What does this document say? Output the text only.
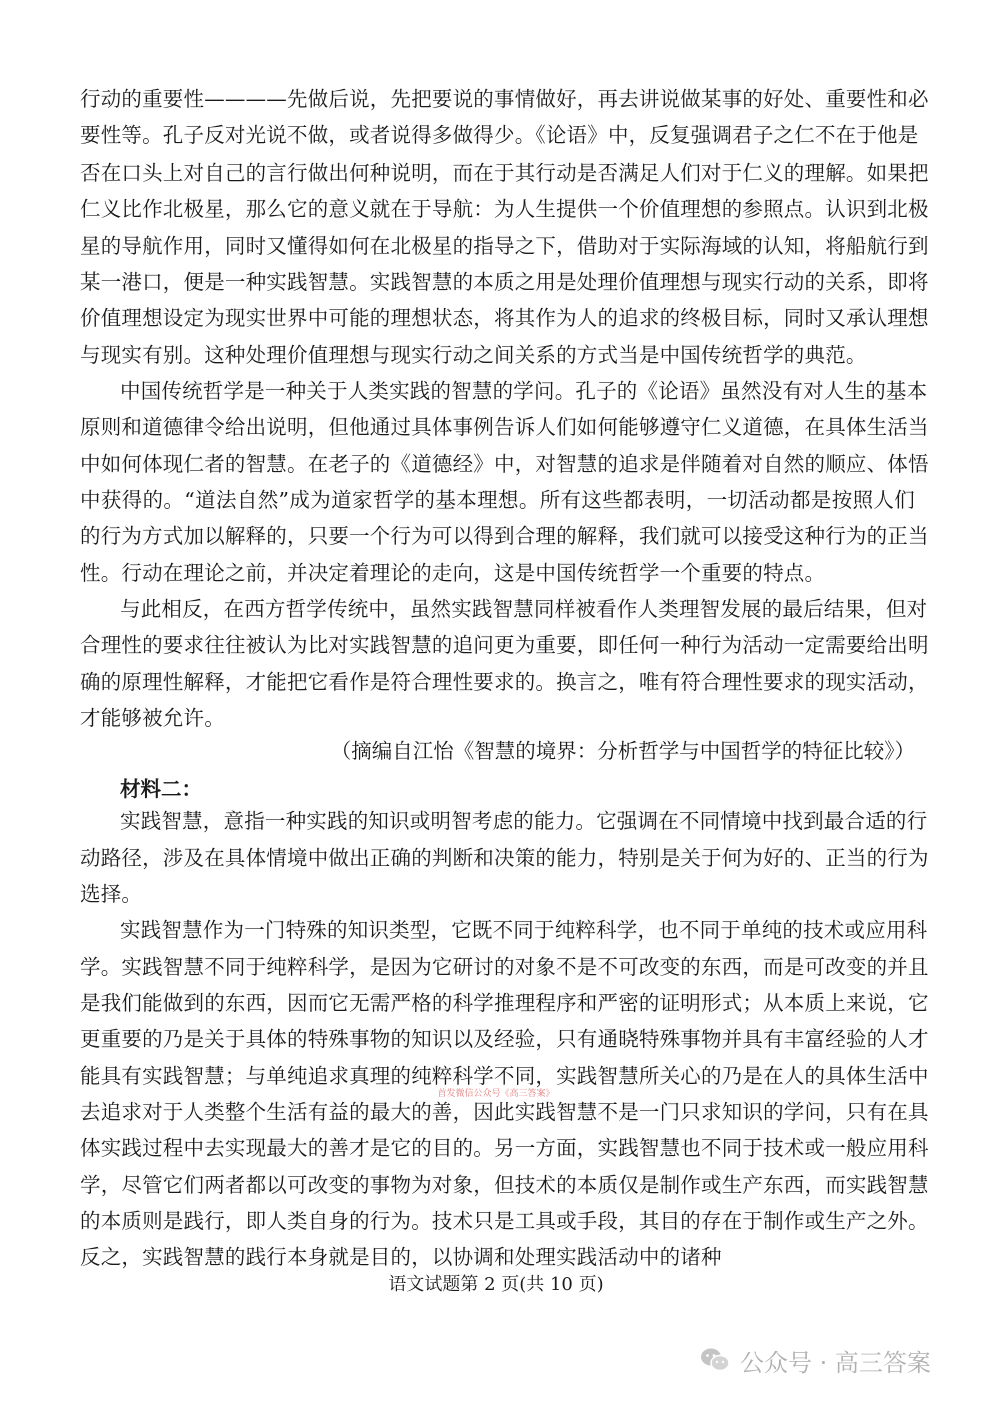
行动的重要性————先做后说，先把要说的事情做好，再去讲说做某事的好处、重要性和必
要性等。孔子反对光说不做，或者说得多做得少。《论语》中，反复强调君子之仁不在于他是
否在口头上对自己的言行做出何种说明，而在于其行动是否满足人们对于仁义的理解。如果把
仁义比作北极星，那么它的意义就在于导航：为人生提供一个价值理想的参照点。认识到北极
星的导航作用，同时又懂得如何在北极星的指导之下，借助对于实际海域的认知，将船航行到
某一港口，便是一种实践智慧。实践智慧的本质之用是处理价值理想与现实行动的关系，即将
价值理想设定为现实世界中可能的理想状态，将其作为人的追求的终极目标，同时又承认理想
与现实有别。这种处理价值理想与现实行动之间关系的方式当是中国传统哲学的典范。
中国传统哲学是一种关于人类实践的智慧的学问。孔子的《论语》虽然没有对人生的基本
原则和道德律令给出说明，但他通过具体事例告诉人们如何能够遵守仁义道德，在具体生活当
中如何体现仁者的智慧。在老子的《道德经》中，对智慧的追求是伴随着对自然的顺应、体悟
中获得的。“道法自然”成为道家哲学的基本理想。所有这些都表明，一切活动都是按照人们
的行为方式加以解释的，只要一个行为可以得到合理的解释，我们就可以接受这种行为的正当
性。行动在理论之前，并决定着理论的走向，这是中国传统哲学一个重要的特点。
与此相反，在西方哲学传统中，虽然实践智慧同样被看作人类理智发展的最后结果，但对
合理性的要求往往被认为比对实践智慧的追问更为重要，即任何一种行为活动一定需要给出明
确的原理性解释，才能把它看作是符合理性要求的。换言之，唯有符合理性要求的现实活动，
才能够被允许。
（摘编自江怡《智慧的境界：分析哲学与中国哲学的特征比较》）
材料二：
实践智慧，意指一种实践的知识或明智考虑的能力。它强调在不同情境中找到最合适的行
动路径，涉及在具体情境中做出正确的判断和决策的能力，特别是关于何为好的、正当的行为
选择。
实践智慧作为一门特殊的知识类型，它既不同于纯粹科学，也不同于单纯的技术或应用科
学。实践智慧不同于纯粹科学，是因为它研讨的对象不是不可改变的东西，而是可改变的并且
是我们能做到的东西，因而它无需严格的科学推理程序和严密的证明形式；从本质上来说，它
更重要的乃是关于具体的特殊事物的知识以及经验，只有通晓特殊事物并具有丰富经验的人才
能具有实践智慧；与单纯追求真理的纯粹科学不同，实践智慧所关心的乃是在人的具体生活中
去追求对于人类整个生活有益的最大的善，因此实践智慧不是一门只求知识的学问，只有在具
体实践过程中去实现最大的善才是它的目的。另一方面，实践智慧也不同于技术或一般应用科
学，尽管它们两者都以可改变的事物为对象，但技术的本质仅是制作或生产东西，而实践智慧
的本质则是践行，即人类自身的行为。技术只是工具或手段，其目的存在于制作或生产之外。
反之，实践智慧的践行本身就是目的，以协调和处理实践活动中的诸种
首发微信公众号《高三答案》
语文试题第 2 页(共 10 页)
公众号 · 高三答案
